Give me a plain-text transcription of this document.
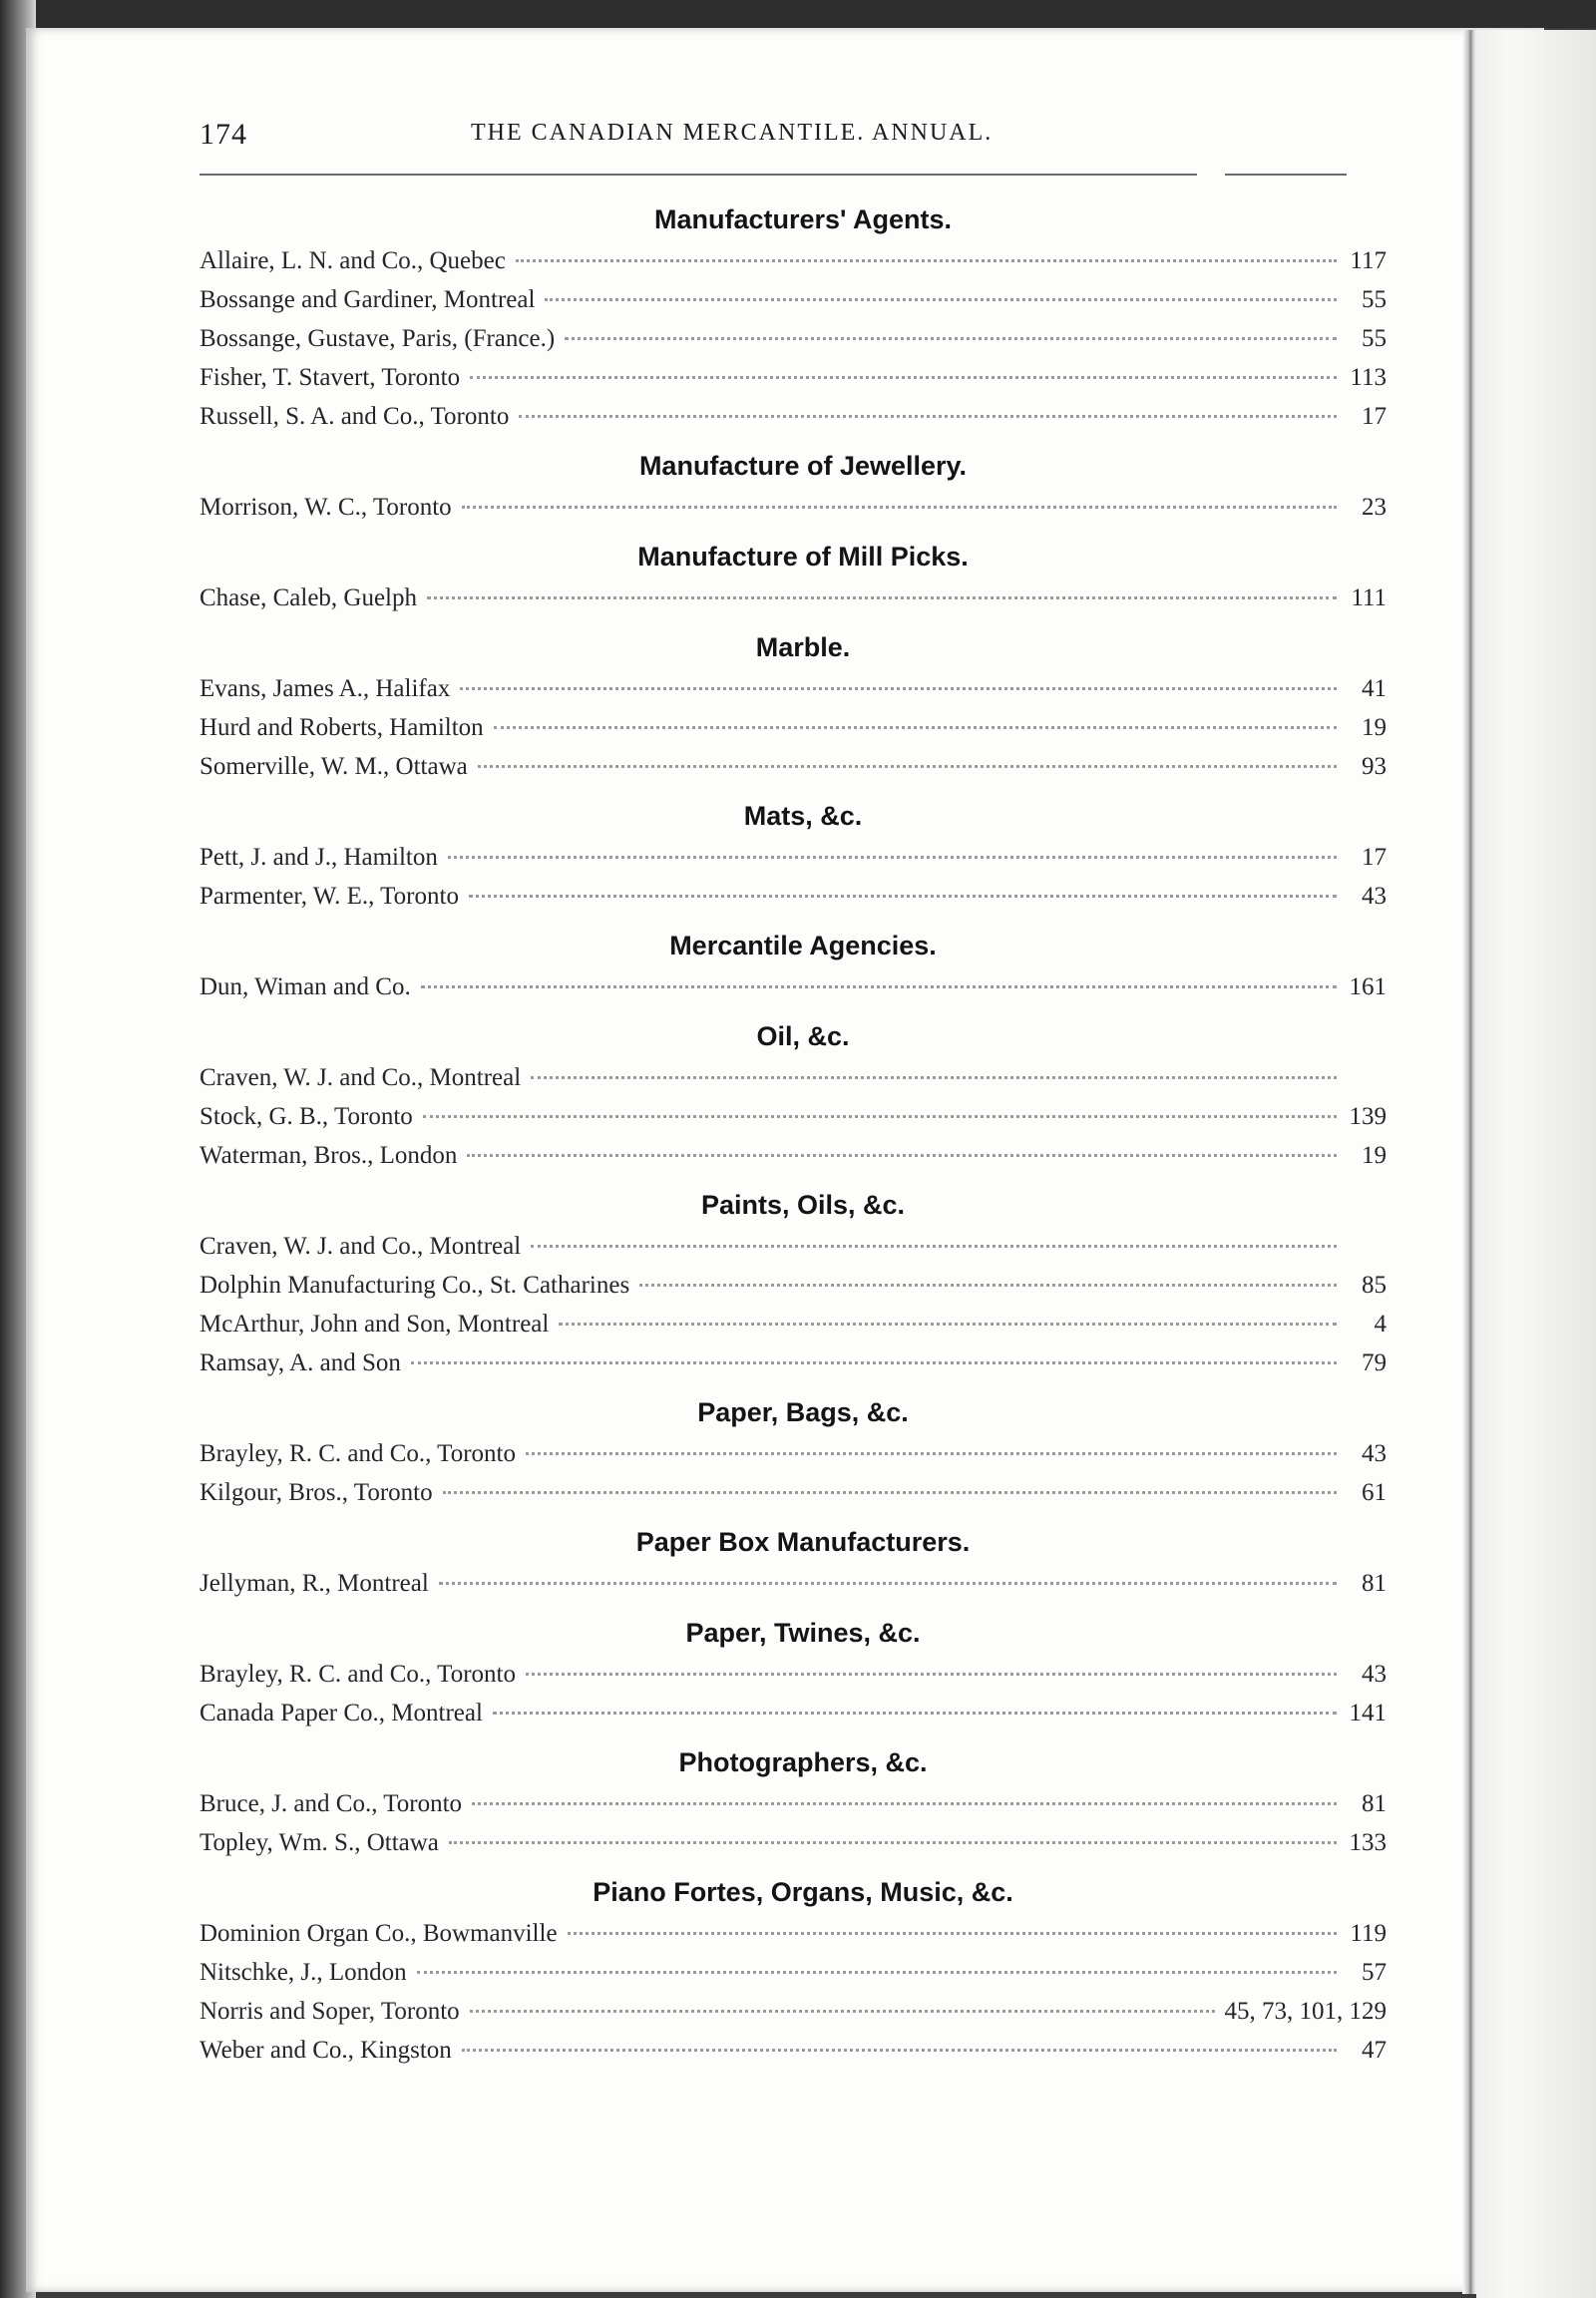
174	THE CANADIAN MERCANTILE. ANNUAL.
Manufacturers' Agents.
Allaire, L. N. and Co., Quebec	117
Bossange and Gardiner, Montreal	55
Bossange, Gustave, Paris, (France.)	55
Fisher, T. Stavert, Toronto	113
Russell, S. A. and Co., Toronto	17
Manufacture of Jewellery.
Morrison, W. C., Toronto	23
Manufacture of Mill Picks.
Chase, Caleb, Guelph	111
Marble.
Evans, James A., Halifax	41
Hurd and Roberts, Hamilton	19
Somerville, W. M., Ottawa	93
Mats, &c.
Pett, J. and J., Hamilton	17
Parmenter, W. E., Toronto	43
Mercantile Agencies.
Dun, Wiman and Co.	161
Oil, &c.
Craven, W. J. and Co., Montreal
Stock, G. B., Toronto	139
Waterman, Bros., London	19
Paints, Oils, &c.
Craven, W. J. and Co., Montreal
Dolphin Manufacturing Co., St. Catharines	85
McArthur, John and Son, Montreal	4
Ramsay, A. and Son	79
Paper, Bags, &c.
Brayley, R. C. and Co., Toronto	43
Kilgour, Bros., Toronto	61
Paper Box Manufacturers.
Jellyman, R., Montreal	81
Paper, Twines, &c.
Brayley, R. C. and Co., Toronto	43
Canada Paper Co., Montreal	141
Photographers, &c.
Bruce, J. and Co., Toronto	81
Topley, Wm. S., Ottawa	133
Piano Fortes, Organs, Music, &c.
Dominion Organ Co., Bowmanville	119
Nitschke, J., London	57
Norris and Soper, Toronto	45, 73, 101, 129
Weber and Co., Kingston	47
